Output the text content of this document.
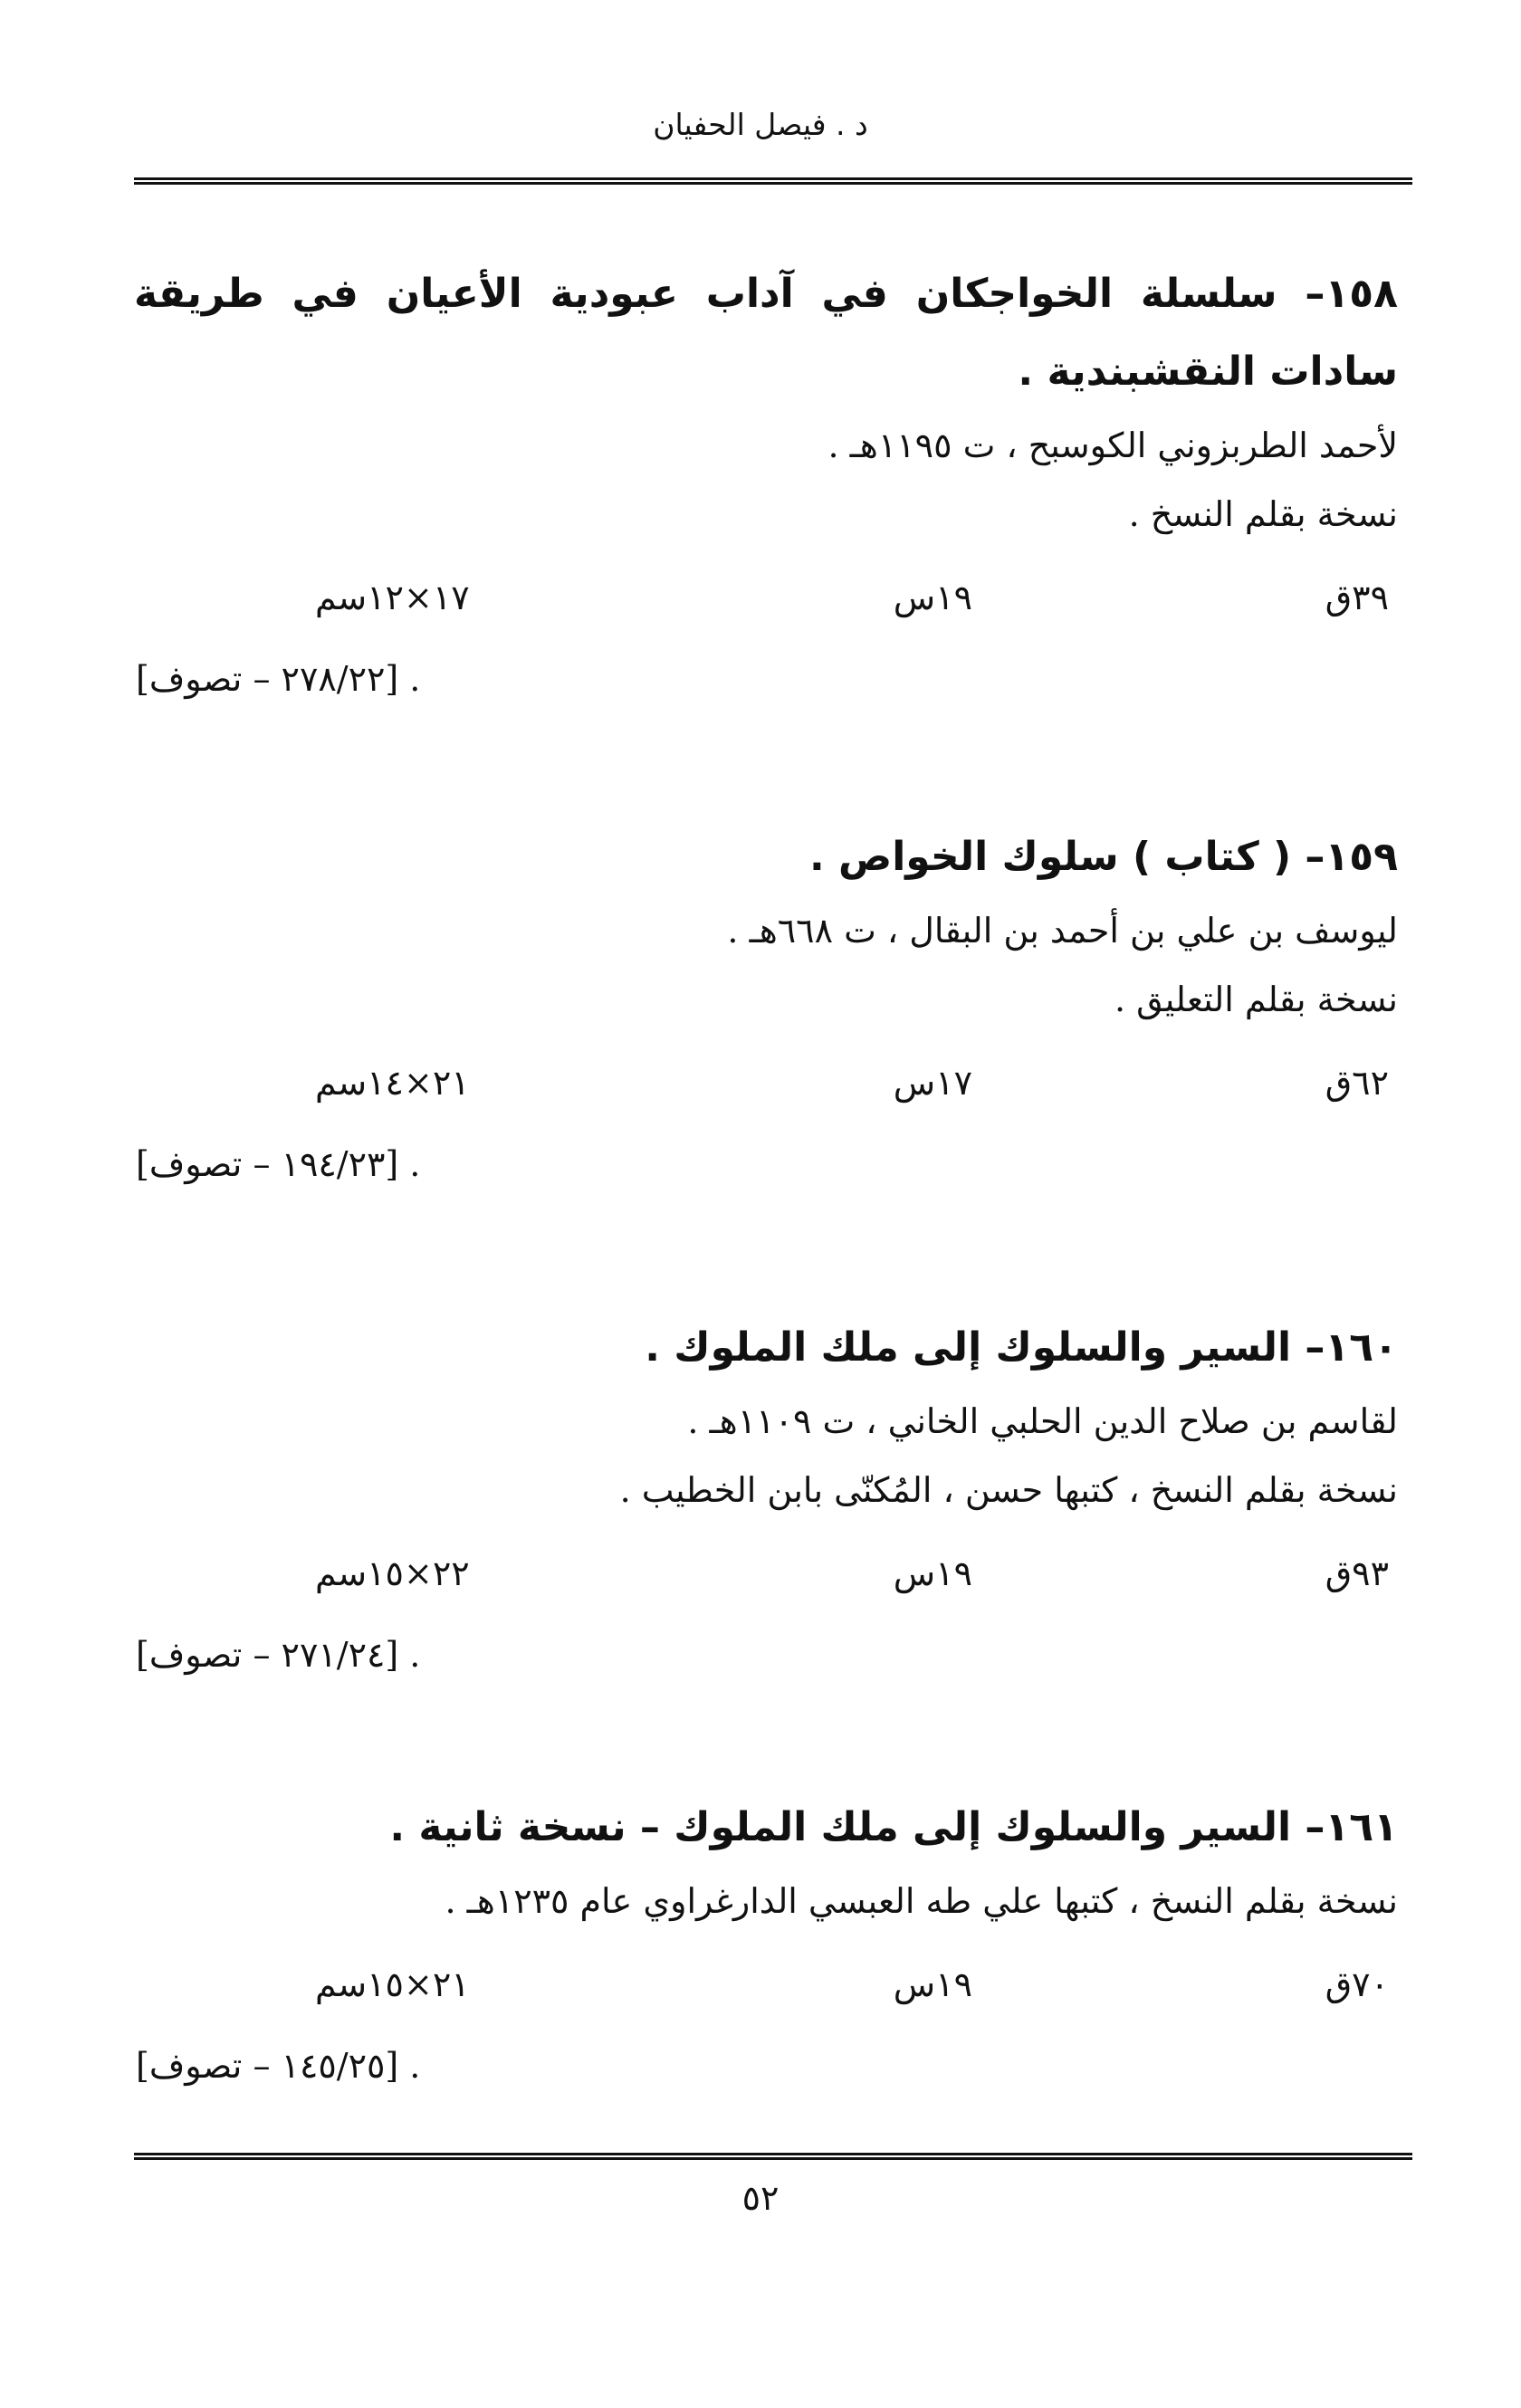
د . فيصل الحفيان

١٥٨– سلسلة الخواجكان في آداب عبودية الأعيان في طريقة سادات النقشبندية .

لأحمد الطربزوني الكوسبح ، ت ١١٩٥هـ .
نسخة بقلم النسخ .
٣٩ق
١٩س
١٧×١٢سم
[٢٧٨/٢٢ – تصوف] .

١٥٩– ( كتاب ) سلوك الخواص .

ليوسف بن علي بن أحمد بن البقال ، ت ٦٦٨هـ .
نسخة بقلم التعليق .
٦٢ق
١٧س
٢١×١٤سم
[١٩٤/٢٣ – تصوف] .

١٦٠– السير والسلوك إلى ملك الملوك .

لقاسم بن صلاح الدين الحلبي الخاني ، ت ١١٠٩هـ .
نسخة بقلم النسخ ، كتبها حسن ، المُكنّى بابن الخطيب .
٩٣ق
١٩س
٢٢×١٥سم
[٢٧١/٢٤ – تصوف] .

١٦١– السير والسلوك إلى ملك الملوك – نسخة ثانية .

نسخة بقلم النسخ ، كتبها علي طه العبسي الدارغراوي عام ١٢٣٥هـ .
٧٠ق
١٩س
٢١×١٥سم
[١٤٥/٢٥ – تصوف] .
٥٢
